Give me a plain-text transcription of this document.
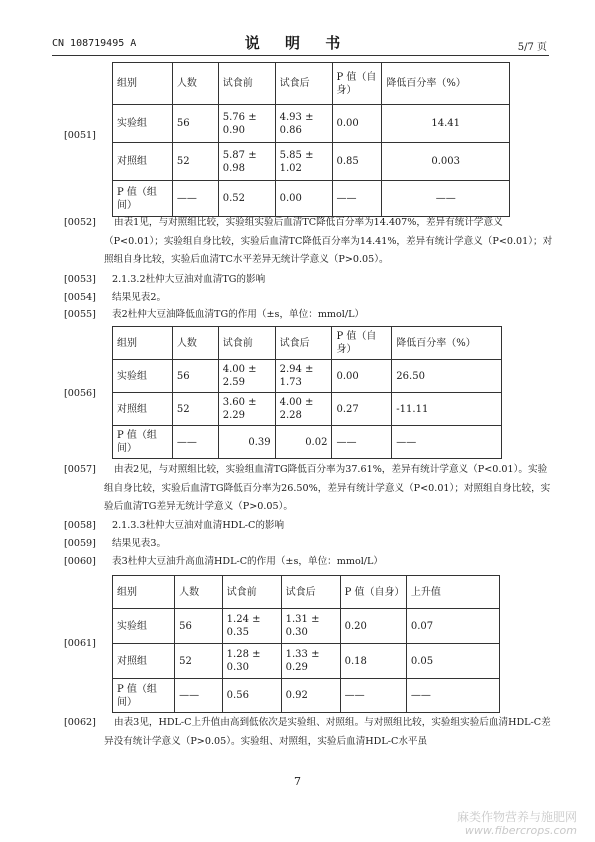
CN 108719495 A	说 明 书	5/7 页
[0051]
组别	人数	试食前	试食后	P 值（自身）	降低百分率（%）
实验组	56	5.76 ± 0.90	4.93 ± 0.86	0.00	14.41
对照组	52	5.87 ± 0.98	5.85 ± 1.02	0.85	0.003
P 值（组间）	——	0.52	0.00	——	——
[0052]	由表1见，与对照组比较，实验组实验后血清TC降低百分率为14.407%，差异有统计学意义（P<0.01）；实验组自身比较，实验后血清TC降低百分率为14.41%，差异有统计学意义（P<0.01）；对照组自身比较，实验后血清TC水平差异无统计学意义（P>0.05）。
[0053] 2.1.3.2杜仲大豆油对血清TG的影响
[0054] 结果见表2。
[0055] 表2杜仲大豆油降低血清TG的作用（±s，单位：mmol/L）
[0056]
组别	人数	试食前	试食后	P 值（自身）	降低百分率（%）
实验组	56	4.00 ± 2.59	2.94 ± 1.73	0.00	26.50
对照组	52	3.60 ± 2.29	4.00 ± 2.28	0.27	-11.11
P 值（组间）	——	0.39	0.02	——	——
[0057]	由表2见，与对照组比较，实验组血清TG降低百分率为37.61%，差异有统计学意义（P<0.01）。实验组自身比较，实验后血清TG降低百分率为26.50%，差异有统计学意义（P<0.01）；对照组自身比较，实验后血清TG差异无统计学意义（P>0.05）。
[0058] 2.1.3.3杜仲大豆油对血清HDL-C的影响
[0059] 结果见表3。
[0060] 表3杜仲大豆油升高血清HDL-C的作用（±s，单位：mmol/L）
[0061]
组别	人数	试食前	试食后	P 值（自身）	上升值
实验组	56	1.24 ± 0.35	1.31 ± 0.30	0.20	0.07
对照组	52	1.28 ± 0.30	1.33 ± 0.29	0.18	0.05
P 值（组间）	——	0.56	0.92	——	——
[0062]	由表3见，HDL-C上升值由高到低依次是实验组、对照组。与对照组比较，实验组实验后血清HDL-C差异没有统计学意义（P>0.05）。实验组、对照组，实验后血清HDL-C水平虽
7
麻类作物营养与施肥网
www.fibercrops.com
